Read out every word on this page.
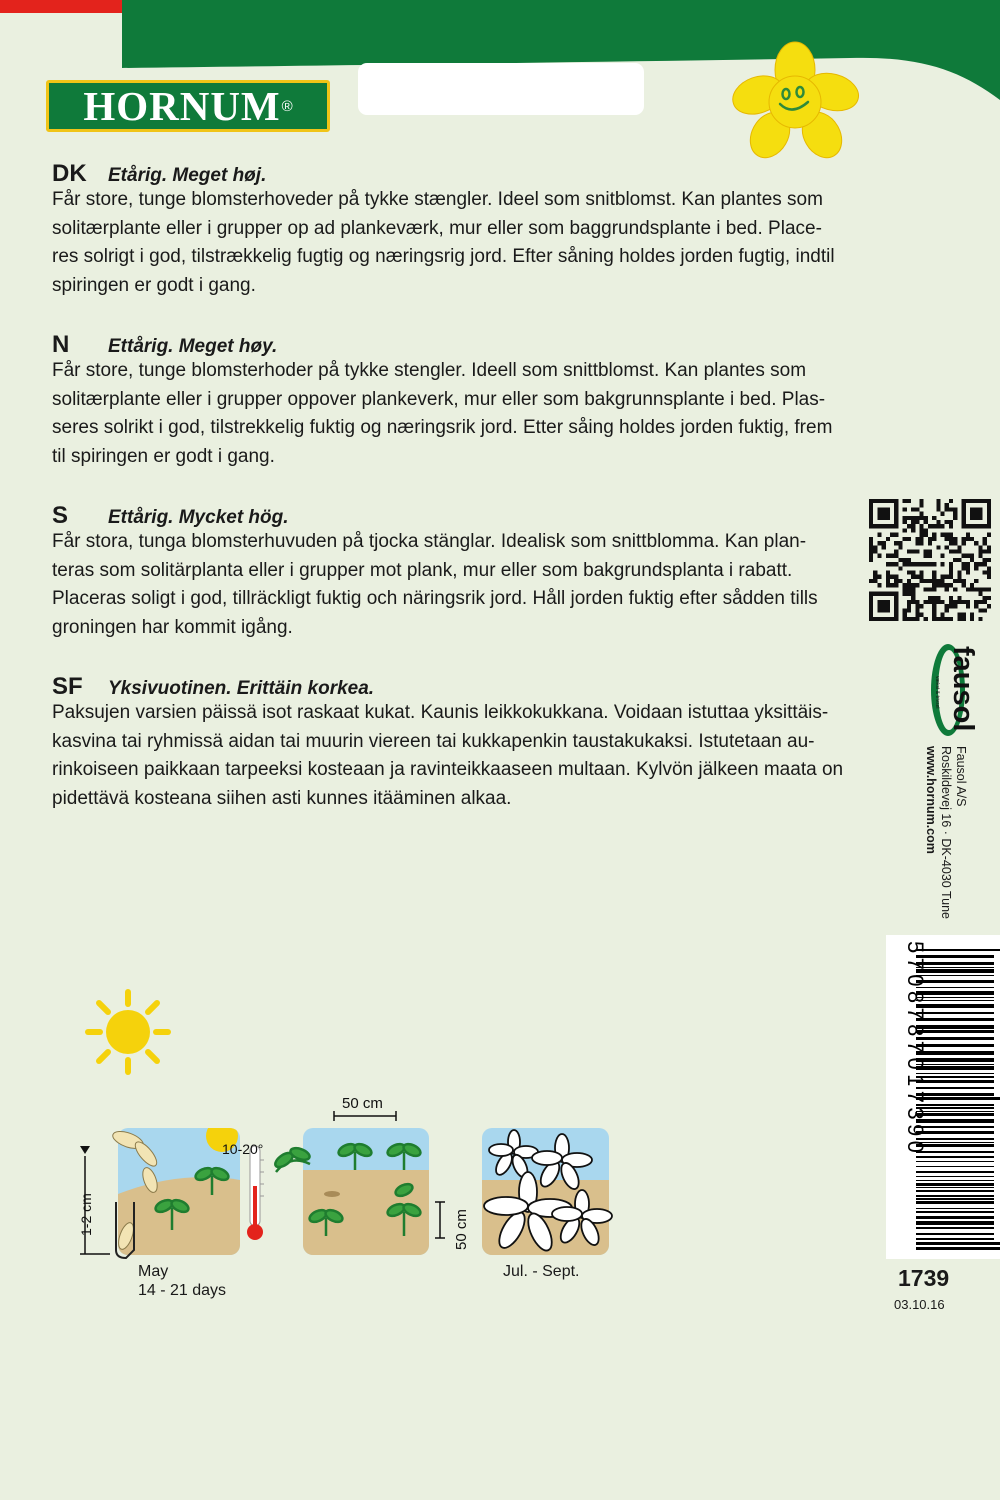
HORNUM ®
DK	Etårig. Meget høj.

Får store, tunge blomsterhoveder på tykke stængler. Ideel som snitblomst. Kan plantes som
solitærplante eller i grupper op ad plankeværk, mur eller som baggrundsplante i bed. Place-
res solrigt i god, tilstrækkelig fugtig og næringsrig jord. Efter såning holdes jorden fugtig, indtil
spiringen er godt i gang.

N	Ettårig. Meget høy.

Får store, tunge blomsterhoder på tykke stengler. Ideell som snittblomst. Kan plantes som
solitærplante eller i grupper oppover plankeverk, mur eller som bakgrunnsplante i bed. Plas-
seres solrikt i god, tilstrekkelig fuktig og næringsrik jord. Etter såing holdes jorden fuktig, frem
til spiringen er godt i gang.

S	Ettårig. Mycket hög.

Får stora, tunga blomsterhuvuden på tjocka stänglar. Idealisk som snittblomma. Kan plan-
teras som solitärplanta eller i grupper mot plank, mur eller som bakgrundsplanta i rabatt.
Placeras soligt i god, tillräckligt fuktig och näringsrik jord. Håll jorden fuktig efter sådden tills
groningen har kommit igång.

SF	Yksivuotinen. Erittäin korkea.

Paksujen varsien päissä isot raskaat kukat. Kaunis leikkokukkana. Voidaan istuttaa yksittäis-
kasvina tai ryhmissä aidan tai muurin viereen tai kukkapenkin taustakukaksi. Istutetaan au-
rinkoiseen paikkaan tarpeeksi kosteaan ja ravinteikkaaseen multaan. Kylvön jälkeen maata on
pidettävä kosteana siihen asti kunnes itääminen alkaa.

fausol
vækst & trivsel
Fausol A/S
Roskildevej 16 · DK-4030 Tune
www.hornum.com
5708787017390
1739
03.10.16
1-2 cm
10-20°
50 cm
50 cm
May
14 - 21 days
Jul. - Sept.
